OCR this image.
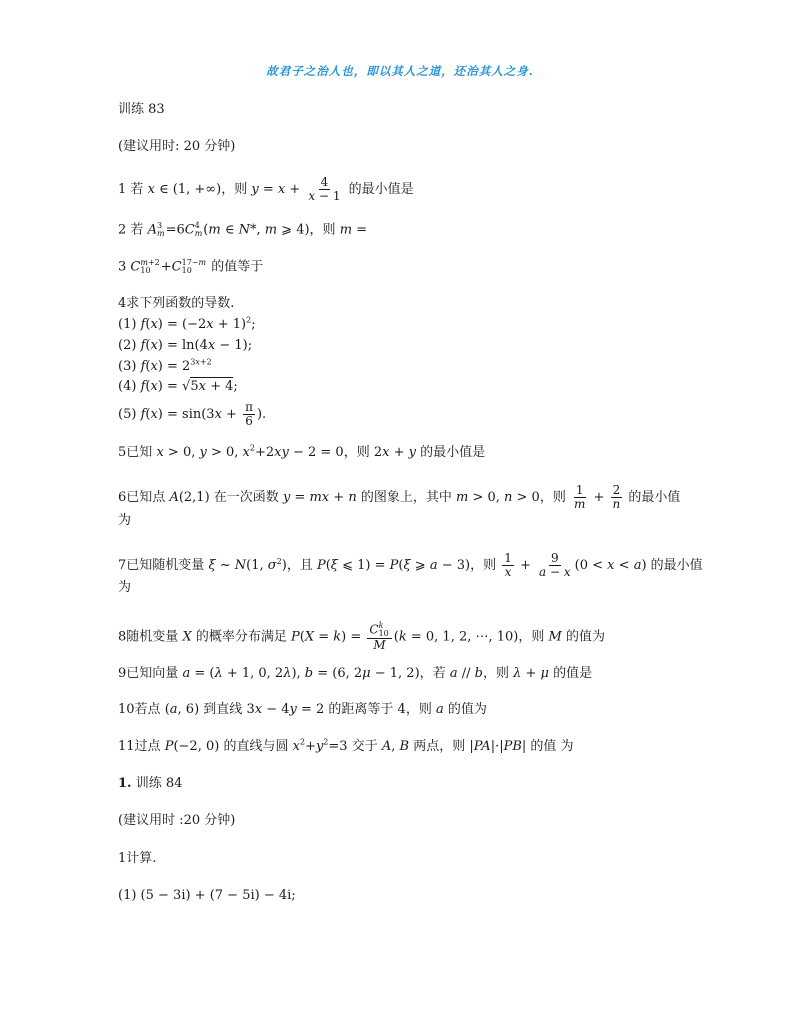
故君子之治人也，即以其人之道，还治其人之身.
训练 83
(建议用时: 20 分钟)
1 若 x ∈ (1, +∞)，则 $y = x + \frac{4}{x - 1}$ 的最小值是
2 若 A 3
m =6C 4
m (m ∈ N*, m ⩾ 4)，则 m =
3 C m+2
10 +C 17−m
10	的值等于
4求下列函数的导数.
(1) $f(x) = (-2x + 1)^2$;
(2) f(x) = ln(4x − 1);
(3) $f(x) = 2^{3x+2}$
(4) f(x) = √5x + 4;
(5) $f(x) = \sin(3x + \frac{\pi}{6}$ ).
5已知 x > 0, y > 0, $x^2+2xy - 2 = 0$，则 2x + y 的最小值是
6已知点 A(2,1) 在一次函数 y = mx + n 的图象上，其中 m > 0, n > 0，则 $\frac{1}{m} + \frac{2}{n}$ 的最小值
为
7已知随机变量 ξ ~ N(1, $\sigma^2$)，且 P(ξ ⩽ 1) = P(ξ ⩾ a − 3)，则 $\frac{1}{x} + \frac{9}{a - x} (0 < x < a)$ 的最小值
为
8随机变量 X 的概率分布满足 P(X = k) = C k
10
M (k = 0, 1, 2, ⋯, 10)，则 M 的值为
9已知向量 a = (λ + 1, 0, 2λ), b = (6, 2μ − 1, 2)，若 a // b，则 λ + μ 的值是
10若点 (a, 6) 到直线 3x − 4y = 2 的距离等于 4，则 a 的值为
11过点 P(−2, 0) 的直线与圆 $x^2+y^2=3$ 交于 A, B 两点，则 |PA|·|PB| 的值 为
1. 训练 84
(建议用时 :20 分钟)
1计算.
(1) (5 − 3i) + (7 − 5i) − 4i;
